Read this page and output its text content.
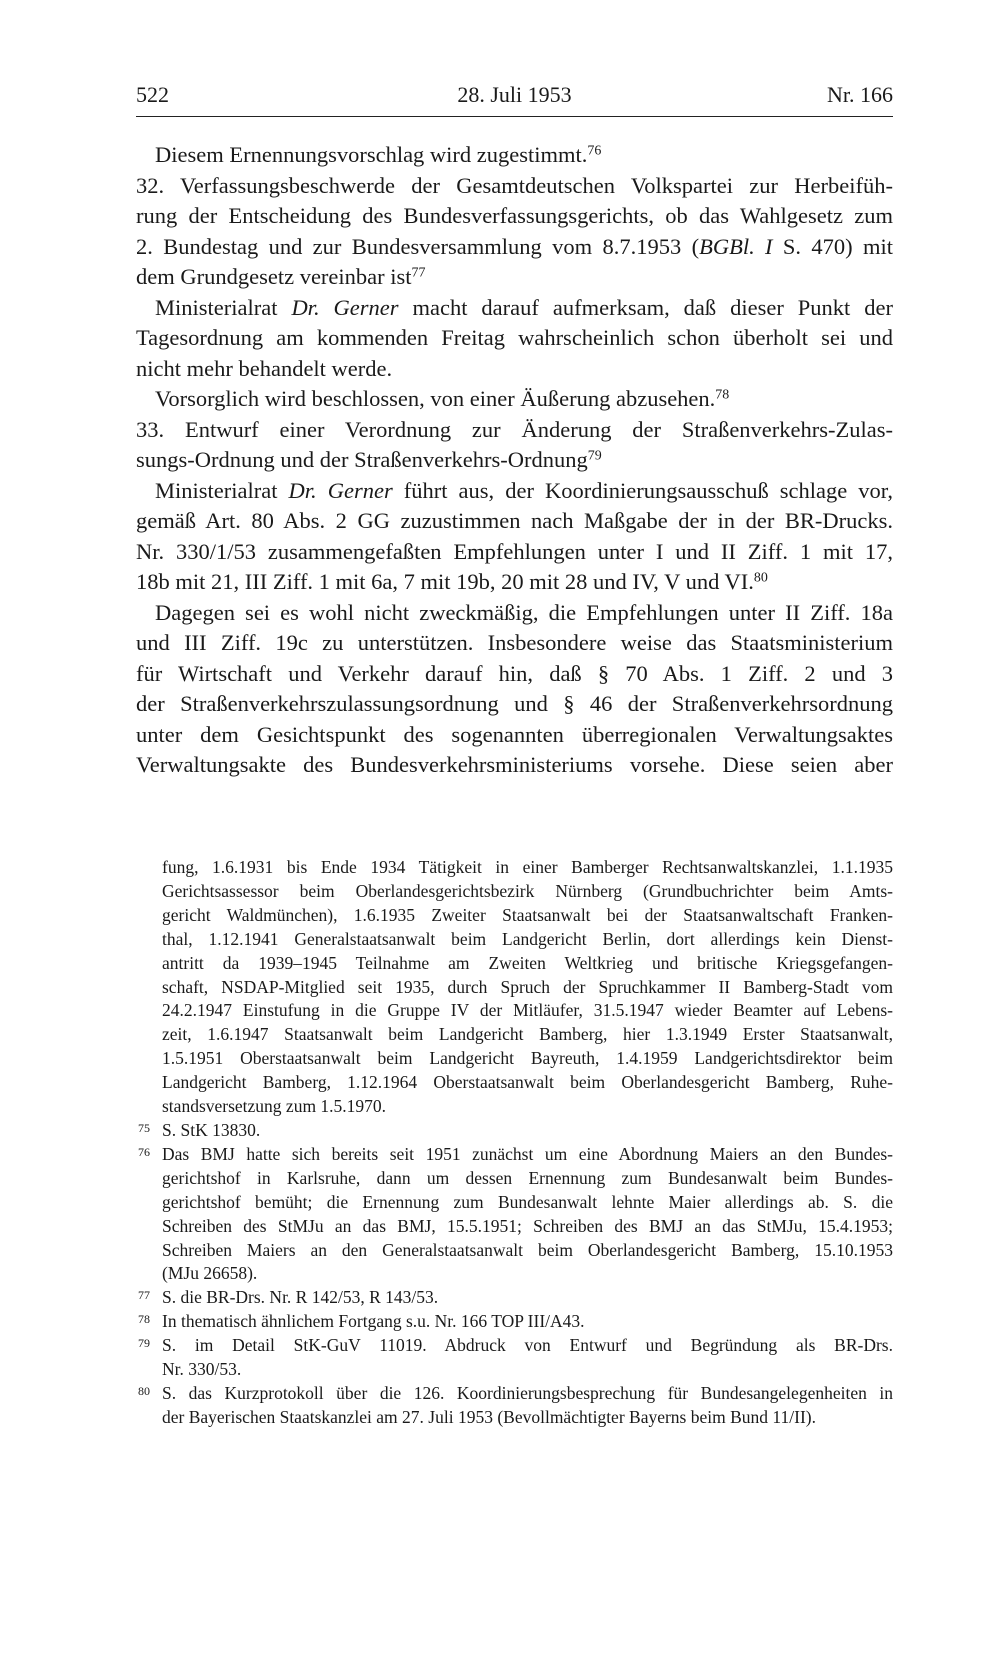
522	28. Juli 1953	Nr. 166
Diesem Ernennungsvorschlag wird zugestimmt.$^{76}$
32. Verfassungsbeschwerde der Gesamtdeutschen Volkspartei zur Herbeifüh-
rung der Entscheidung des Bundesverfassungsgerichts, ob das Wahlgesetz zum
2. Bundestag und zur Bundesversammlung vom 8.7.1953 (BGBl. I S. 470) mit
dem Grundgesetz vereinbar ist$^{77}$
Ministerialrat Dr. Gerner macht darauf aufmerksam, daß dieser Punkt der
Tagesordnung am kommenden Freitag wahrscheinlich schon überholt sei und
nicht mehr behandelt werde.
Vorsorglich wird beschlossen, von einer Äußerung abzusehen.$^{78}$
33. Entwurf einer Verordnung zur Änderung der Straßenverkehrs-Zulas-
sungs-Ordnung und der Straßenverkehrs-Ordnung$^{79}$
Ministerialrat Dr. Gerner führt aus, der Koordinierungsausschuß schlage vor,
gemäß Art. 80 Abs. 2 GG zuzustimmen nach Maßgabe der in der BR-Drucks.
Nr. 330/1/53 zusammengefaßten Empfehlungen unter I und II Ziff. 1 mit 17,
18b mit 21, III Ziff. 1 mit 6a, 7 mit 19b, 20 mit 28 und IV, V und VI.$^{80}$
Dagegen sei es wohl nicht zweckmäßig, die Empfehlungen unter II Ziff. 18a
und III Ziff. 19c zu unterstützen. Insbesondere weise das Staatsministerium
für Wirtschaft und Verkehr darauf hin, daß § 70 Abs. 1 Ziff. 2 und 3
der Straßenverkehrszulassungsordnung und § 46 der Straßenverkehrsordnung
unter dem Gesichtspunkt des sogenannten überregionalen Verwaltungsaktes
Verwaltungsakte des Bundesverkehrsministeriums vorsehe. Diese seien aber
fung, 1.6.1931 bis Ende 1934 Tätigkeit in einer Bamberger Rechtsanwaltskanzlei, 1.1.1935
Gerichtsassessor beim Oberlandesgerichtsbezirk Nürnberg (Grundbuchrichter beim Amts-
gericht Waldmünchen), 1.6.1935 Zweiter Staatsanwalt bei der Staatsanwaltschaft Franken-
thal, 1.12.1941 Generalstaatsanwalt beim Landgericht Berlin, dort allerdings kein Dienst-
antritt da 1939–1945 Teilnahme am Zweiten Weltkrieg und britische Kriegsgefangen-
schaft, NSDAP-Mitglied seit 1935, durch Spruch der Spruchkammer II Bamberg-Stadt vom
24.2.1947 Einstufung in die Gruppe IV der Mitläufer, 31.5.1947 wieder Beamter auf Lebens-
zeit, 1.6.1947 Staatsanwalt beim Landgericht Bamberg, hier 1.3.1949 Erster Staatsanwalt,
1.5.1951 Oberstaatsanwalt beim Landgericht Bayreuth, 1.4.1959 Landgerichtsdirektor beim
Landgericht Bamberg, 1.12.1964 Oberstaatsanwalt beim Oberlandesgericht Bamberg, Ruhe-
standsversetzung zum 1.5.1970.
75 S. StK 13830.
76 Das BMJ hatte sich bereits seit 1951 zunächst um eine Abordnung Maiers an den Bundes-
gerichtshof in Karlsruhe, dann um dessen Ernennung zum Bundesanwalt beim Bundes-
gerichtshof bemüht; die Ernennung zum Bundesanwalt lehnte Maier allerdings ab. S. die
Schreiben des StMJu an das BMJ, 15.5.1951; Schreiben des BMJ an das StMJu, 15.4.1953;
Schreiben Maiers an den Generalstaatsanwalt beim Oberlandesgericht Bamberg, 15.10.1953
(MJu 26658).
77 S. die BR-Drs. Nr. R 142/53, R 143/53.
78 In thematisch ähnlichem Fortgang s.u. Nr. 166 TOP III/A43.
79 S. im Detail StK-GuV 11019. Abdruck von Entwurf und Begründung als BR-Drs.
Nr. 330/53.
80 S. das Kurzprotokoll über die 126. Koordinierungsbesprechung für Bundesangelegenheiten in
der Bayerischen Staatskanzlei am 27. Juli 1953 (Bevollmächtigter Bayerns beim Bund 11/II).
